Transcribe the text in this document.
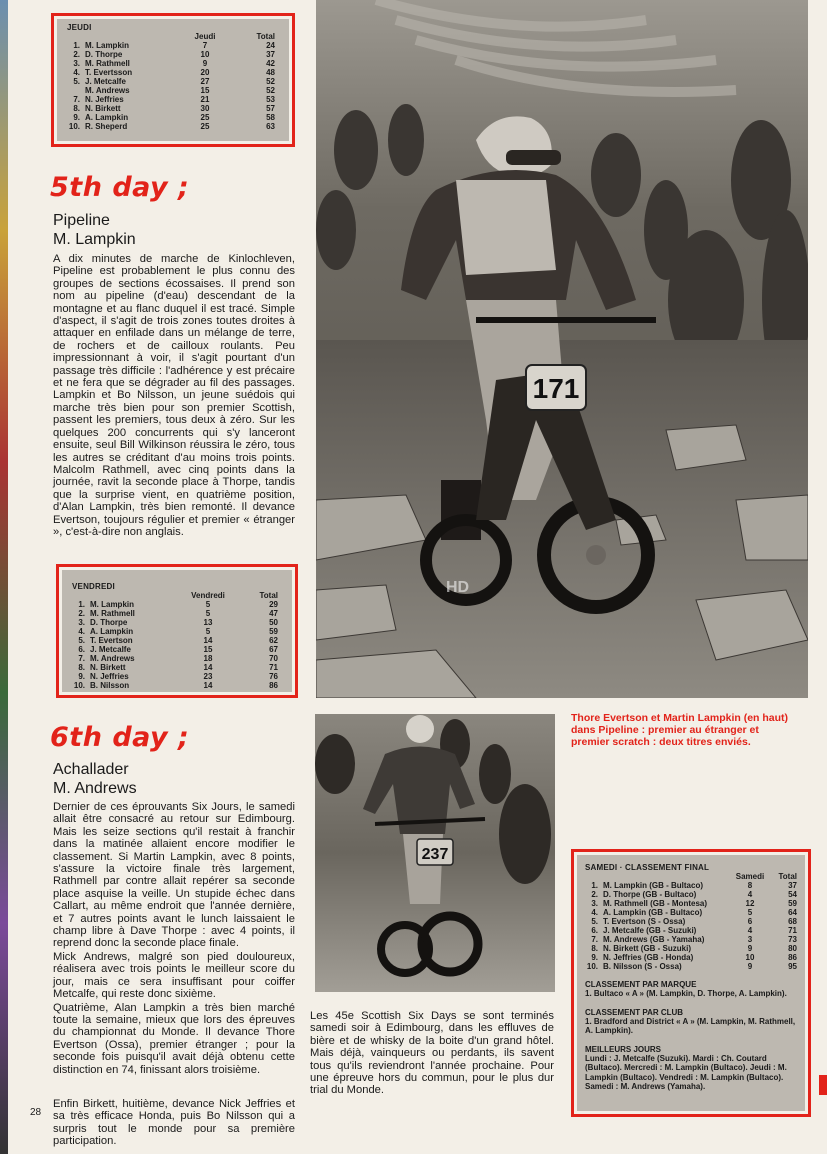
JEUDI
Jeudi	Total
1. M. Lampkin	7	24
2. D. Thorpe	10	37
3. M. Rathmell	9	42
4. T. Evertsson	20	48
5. J. Metcalfe	27	52
M. Andrews	15	52
7. N. Jeffries	21	53
8. N. Birkett	30	57
9. A. Lampkin	25	58
10. R. Sheperd	25	63
5th day ;
Pipeline
M. Lampkin

A dix minutes de marche de Kinlochleven, Pipeline est probablement le plus connu des groupes de sections écossaises. Il prend son nom au pipeline (d'eau) descendant de la montagne et au flanc duquel il est tracé. Simple d'aspect, il s'agit de trois zones toutes droites à attaquer en enfilade dans un mélange de terre, de rochers et de cailloux roulants. Peu impressionnant à voir, il s'agit pourtant d'un passage très difficile : l'adhérence y est précaire et ne fera que se dégrader au fil des passages. Lampkin et Bo Nilsson, un jeune suédois qui marche très bien pour son premier Scottish, passent les premiers, tous deux à zéro. Sur les quelques 200 concurrents qui s'y lanceront ensuite, seul Bill Wilkinson réussira le zéro, tous les autres se créditant d'au moins trois points. Malcolm Rathmell, avec cinq points dans la journée, ravit la seconde place à Thorpe, tandis que la surprise vient, en quatrième position, d'Alan Lampkin, très bien remonté. Il devance Evertson, toujours régulier et premier « étranger », c'est-à-dire non anglais.

VENDREDI
Vendredi	Total
1. M. Lampkin	5	29
2. M. Rathmell	5	47
3. D. Thorpe	13	50
4. A. Lampkin	5	59
5. T. Evertson	14	62
6. J. Metcalfe	15	67
7. M. Andrews	18	70
8. N. Birkett	14	71
9. N. Jeffries	23	76
10. B. Nilsson	14	86
6th day ;
Achallader
M. Andrews

Dernier de ces éprouvants Six Jours, le samedi allait être consacré au retour sur Edimbourg. Mais les seize sections qu'il restait à franchir dans la matinée allaient encore modifier le classement. Si Martin Lampkin, avec 8 points, s'assure la victoire finale très largement, Rathmell par contre allait repérer sa seconde place asquise la veille. Un stupide échec dans Callart, au même endroit que l'année dernière, et 7 autres points avant le lunch laissaient le champ libre à Dave Thorpe : avec 4 points, il reprend donc la seconde place finale.

Mick Andrews, malgré son pied douloureux, réalisera avec trois points le meilleur score du jour, mais ce sera insuffisant pour coiffer Metcalfe, qui reste donc sixième.

Quatrième, Alan Lampkin a très bien marché toute la semaine, mieux que lors des épreuves du championnat du Monde. Il devance Thore Evertson (Ossa), premier étranger ; pour la seconde fois puisqu'il avait déjà obtenu cette distinction en 74, finissant alors troisième.

Enfin Birkett, huitième, devance Nick Jeffries et sa très efficace Honda, puis Bo Nilsson qui a surpris tout le monde pour sa première participation.

Les 45e Scottish Six Days se sont terminés samedi soir à Edimbourg, dans les effluves de bière et de whisky de la boite d'un grand hôtel. Mais déjà, vainqueurs ou perdants, ils savent tous qu'ils reviendront l'année prochaine. Pour une épreuve hors du commun, pour le plus dur trial du Monde.

171
HD
Thore Evertson et Martin Lampkin (en haut) dans Pipeline : premier au étranger et premier scratch : deux titres enviés.
237
SAMEDI · CLASSEMENT FINAL
Samedi	Total
1. M. Lampkin (GB - Bultaco)	8	37
2. D. Thorpe (GB - Bultaco)	4	54
3. M. Rathmell (GB - Montesa)	12	59
4. A. Lampkin (GB - Bultaco)	5	64
5. T. Evertson (S - Ossa)	6	68
6. J. Metcalfe (GB - Suzuki)	4	71
7. M. Andrews (GB - Yamaha)	3	73
8. N. Birkett (GB - Suzuki)	9	80
9. N. Jeffries (GB - Honda)	10	86
10. B. Nilsson (S - Ossa)	9	95
CLASSEMENT PAR MARQUE
1. Bultaco « A » (M. Lampkin, D. Thorpe, A. Lampkin).
CLASSEMENT PAR CLUB
1. Bradford and District « A » (M. Lampkin, M. Rathmell, A. Lampkin).
MEILLEURS JOURS
Lundi : J. Metcalfe (Suzuki). Mardi : Ch. Coutard (Bultaco). Mercredi : M. Lampkin (Bultaco). Jeudi : M. Lampkin (Bultaco). Vendredi : M. Lampkin (Bultaco). Samedi : M. Andrews (Yamaha).
28
